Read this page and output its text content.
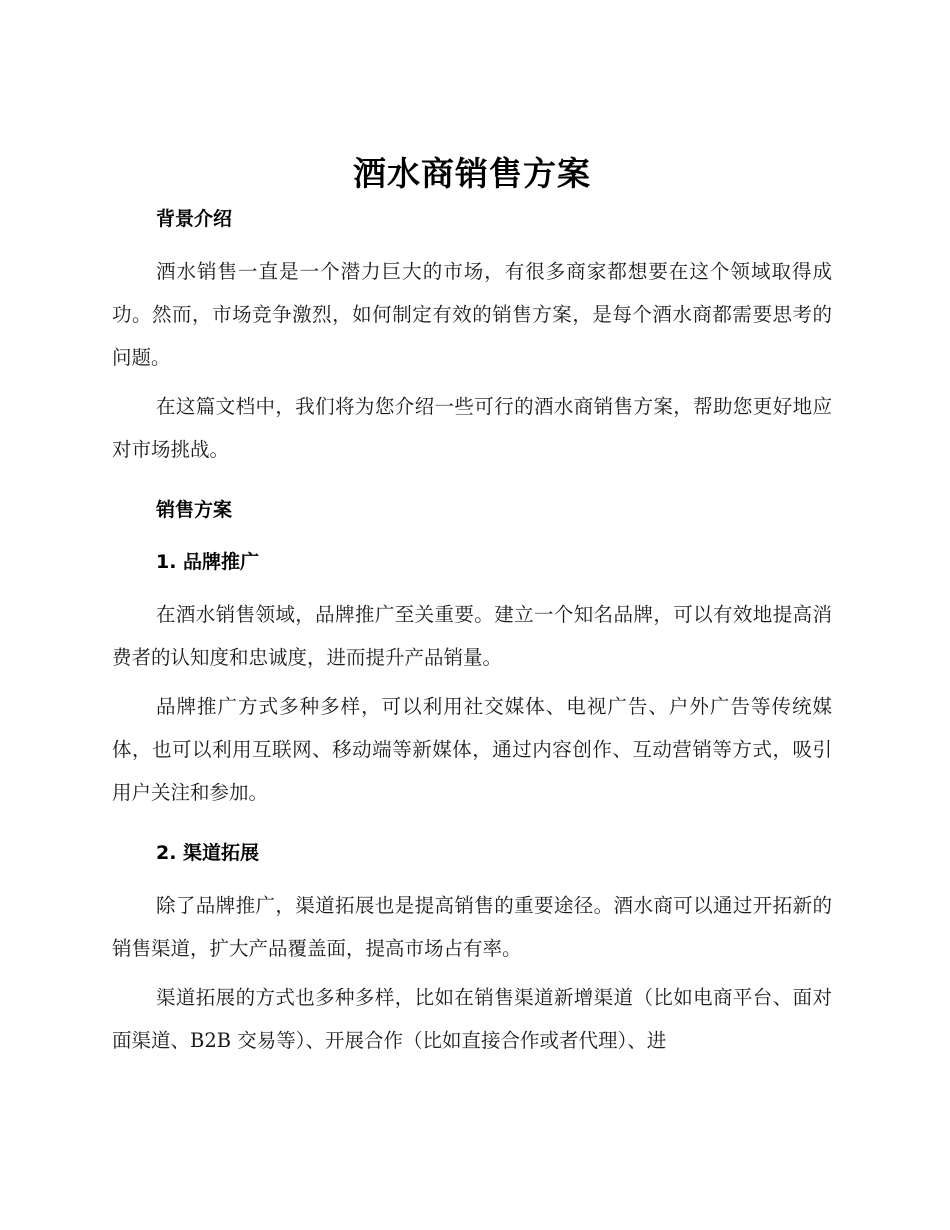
酒水商销售方案
背景介绍

酒水销售一直是一个潜力巨大的市场，有很多商家都想要在这个领域取得成功。然而，市场竞争激烈，如何制定有效的销售方案，是每个酒水商都需要思考的问题。

在这篇文档中，我们将为您介绍一些可行的酒水商销售方案，帮助您更好地应对市场挑战。

销售方案
1. 品牌推广

在酒水销售领域，品牌推广至关重要。建立一个知名品牌，可以有效地提高消费者的认知度和忠诚度，进而提升产品销量。

品牌推广方式多种多样，可以利用社交媒体、电视广告、户外广告等传统媒体，也可以利用互联网、移动端等新媒体，通过内容创作、互动营销等方式，吸引用户关注和参加。

2. 渠道拓展

除了品牌推广，渠道拓展也是提高销售的重要途径。酒水商可以通过开拓新的销售渠道，扩大产品覆盖面，提高市场占有率。

渠道拓展的方式也多种多样，比如在销售渠道新增渠道（比如电商平台、面对面渠道、B2B 交易等）、开展合作（比如直接合作或者代理）、进
